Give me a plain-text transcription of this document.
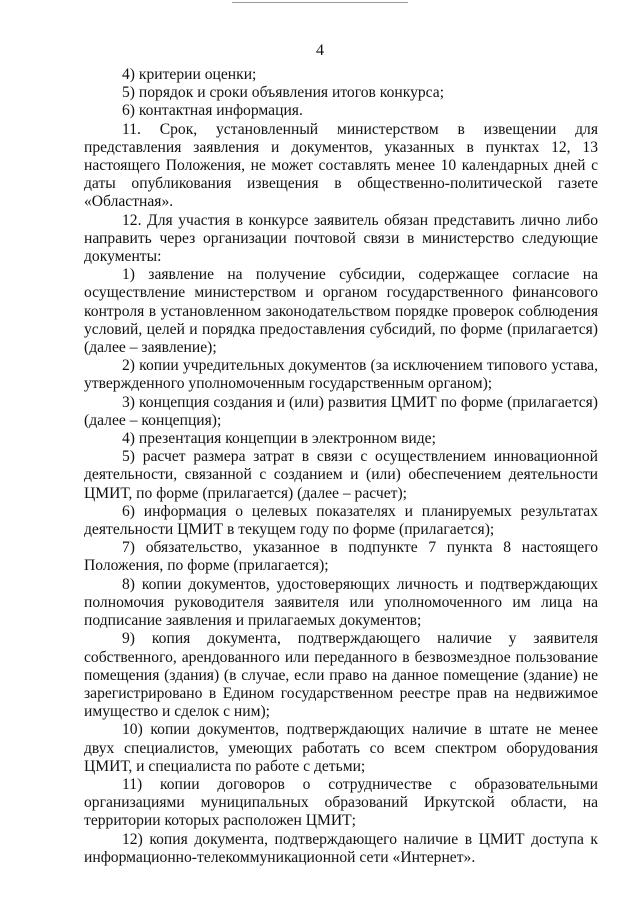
4

4) критерии оценки;

5) порядок и сроки объявления итогов конкурса;

6) контактная информация.

11. Срок, установленный министерством в извещении для представления заявления и документов, указанных в пунктах 12, 13 настоящего Положения, не может составлять менее 10 календарных дней с даты опубликования извещения в общественно-политической газете «Областная».

12. Для участия в конкурсе заявитель обязан представить лично либо направить через организации почтовой связи в министерство следующие документы:

1) заявление на получение субсидии, содержащее согласие на осуществление министерством и органом государственного финансового контроля в установленном законодательством порядке проверок соблюдения условий, целей и порядка предоставления субсидий, по форме (прилагается) (далее – заявление);

2) копии учредительных документов (за исключением типового устава, утвержденного уполномоченным государственным органом);

3) концепция создания и (или) развития ЦМИТ по форме (прилагается) (далее – концепция);

4) презентация концепции в электронном виде;

5) расчет размера затрат в связи с осуществлением инновационной деятельности, связанной с созданием и (или) обеспечением деятельности ЦМИТ, по форме (прилагается) (далее – расчет);

6) информация о целевых показателях и планируемых результатах деятельности ЦМИТ в текущем году по форме (прилагается);

7) обязательство, указанное в подпункте 7 пункта 8 настоящего Положения, по форме (прилагается);

8) копии документов, удостоверяющих личность и подтверждающих полномочия руководителя заявителя или уполномоченного им лица на подписание заявления и прилагаемых документов;

9) копия документа, подтверждающего наличие у заявителя собственного, арендованного или переданного в безвозмездное пользование помещения (здания) (в случае, если право на данное помещение (здание) не зарегистрировано в Едином государственном реестре прав на недвижимое имущество и сделок с ним);

10) копии документов, подтверждающих наличие в штате не менее двух специалистов, умеющих работать со всем спектром оборудования ЦМИТ, и специалиста по работе с детьми;

11) копии договоров о сотрудничестве с образовательными организациями муниципальных образований Иркутской области, на территории которых расположен ЦМИТ;

12) копия документа, подтверждающего наличие в ЦМИТ доступа к информационно-телекоммуникационной сети «Интернет».
